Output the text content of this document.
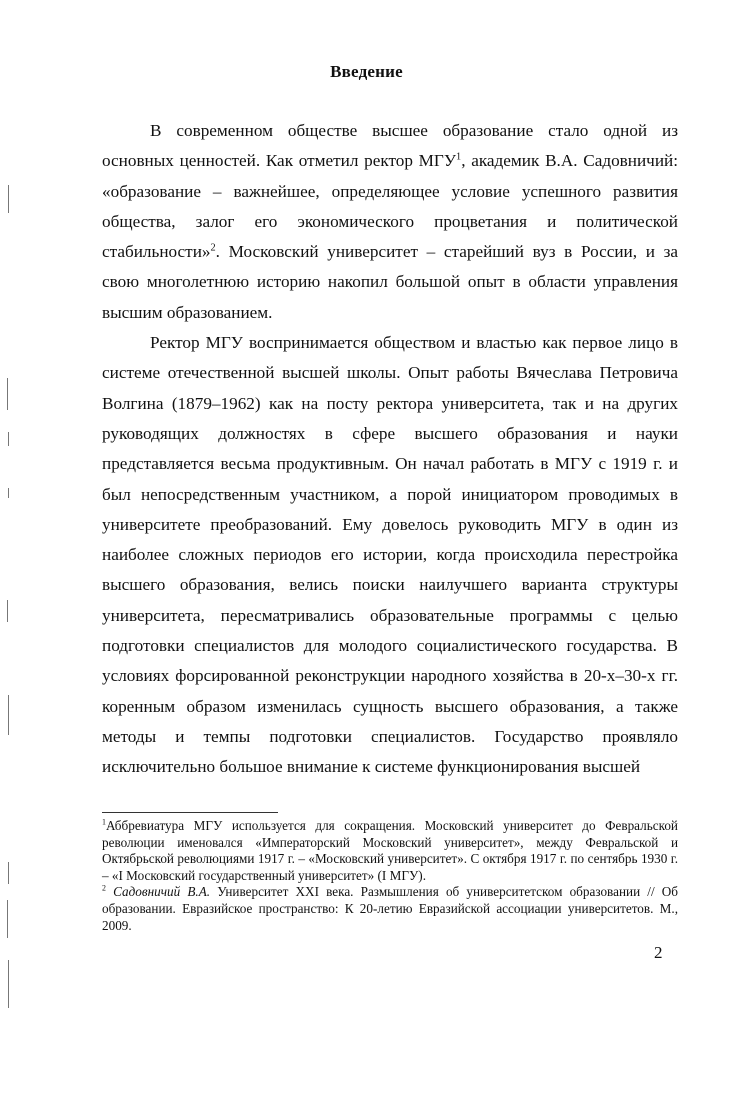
Введение

В современном обществе высшее образование стало одной из основных ценностей. Как отметил ректор МГУ$^1$, академик В.А. Садовничий: «образование – важнейшее, определяющее условие успешного развития общества, залог его экономического процветания и политической стабильности»$^2$. Московский университет – старейший вуз в России, и за свою многолетнюю историю накопил большой опыт в области управления высшим образованием.

Ректор МГУ воспринимается обществом и властью как первое лицо в системе отечественной высшей школы. Опыт работы Вячеслава Петровича Волгина (1879–1962) как на посту ректора университета, так и на других руководящих должностях в сфере высшего образования и науки представляется весьма продуктивным. Он начал работать в МГУ с 1919 г. и был непосредственным участником, а порой инициатором проводимых в университете преобразований. Ему довелось руководить МГУ в один из наиболее сложных периодов его истории, когда происходила перестройка высшего образования, велись поиски наилучшего варианта структуры университета, пересматривались образовательные программы с целью подготовки специалистов для молодого социалистического государства. В условиях форсированной реконструкции народного хозяйства в 20-х–30-х гг. коренным образом изменилась сущность высшего образования, а также методы и темпы подготовки специалистов. Государство проявляло исключительно большое внимание к системе функционирования высшей

$^1$Аббревиатура МГУ используется для сокращения. Московский университет до Февральской революции именовался «Императорский Московский университет», между Февральской и Октябрьской революциями 1917 г. – «Московский университет». С октября 1917 г. по сентябрь 1930 г. – «I Московский государственный университет» (I МГУ).

$^2$ Садовничий В.А. Университет XXI века. Размышления об университетском образовании // Об образовании. Евразийское пространство: К 20-летию Евразийской ассоциации университетов. М., 2009.

2
